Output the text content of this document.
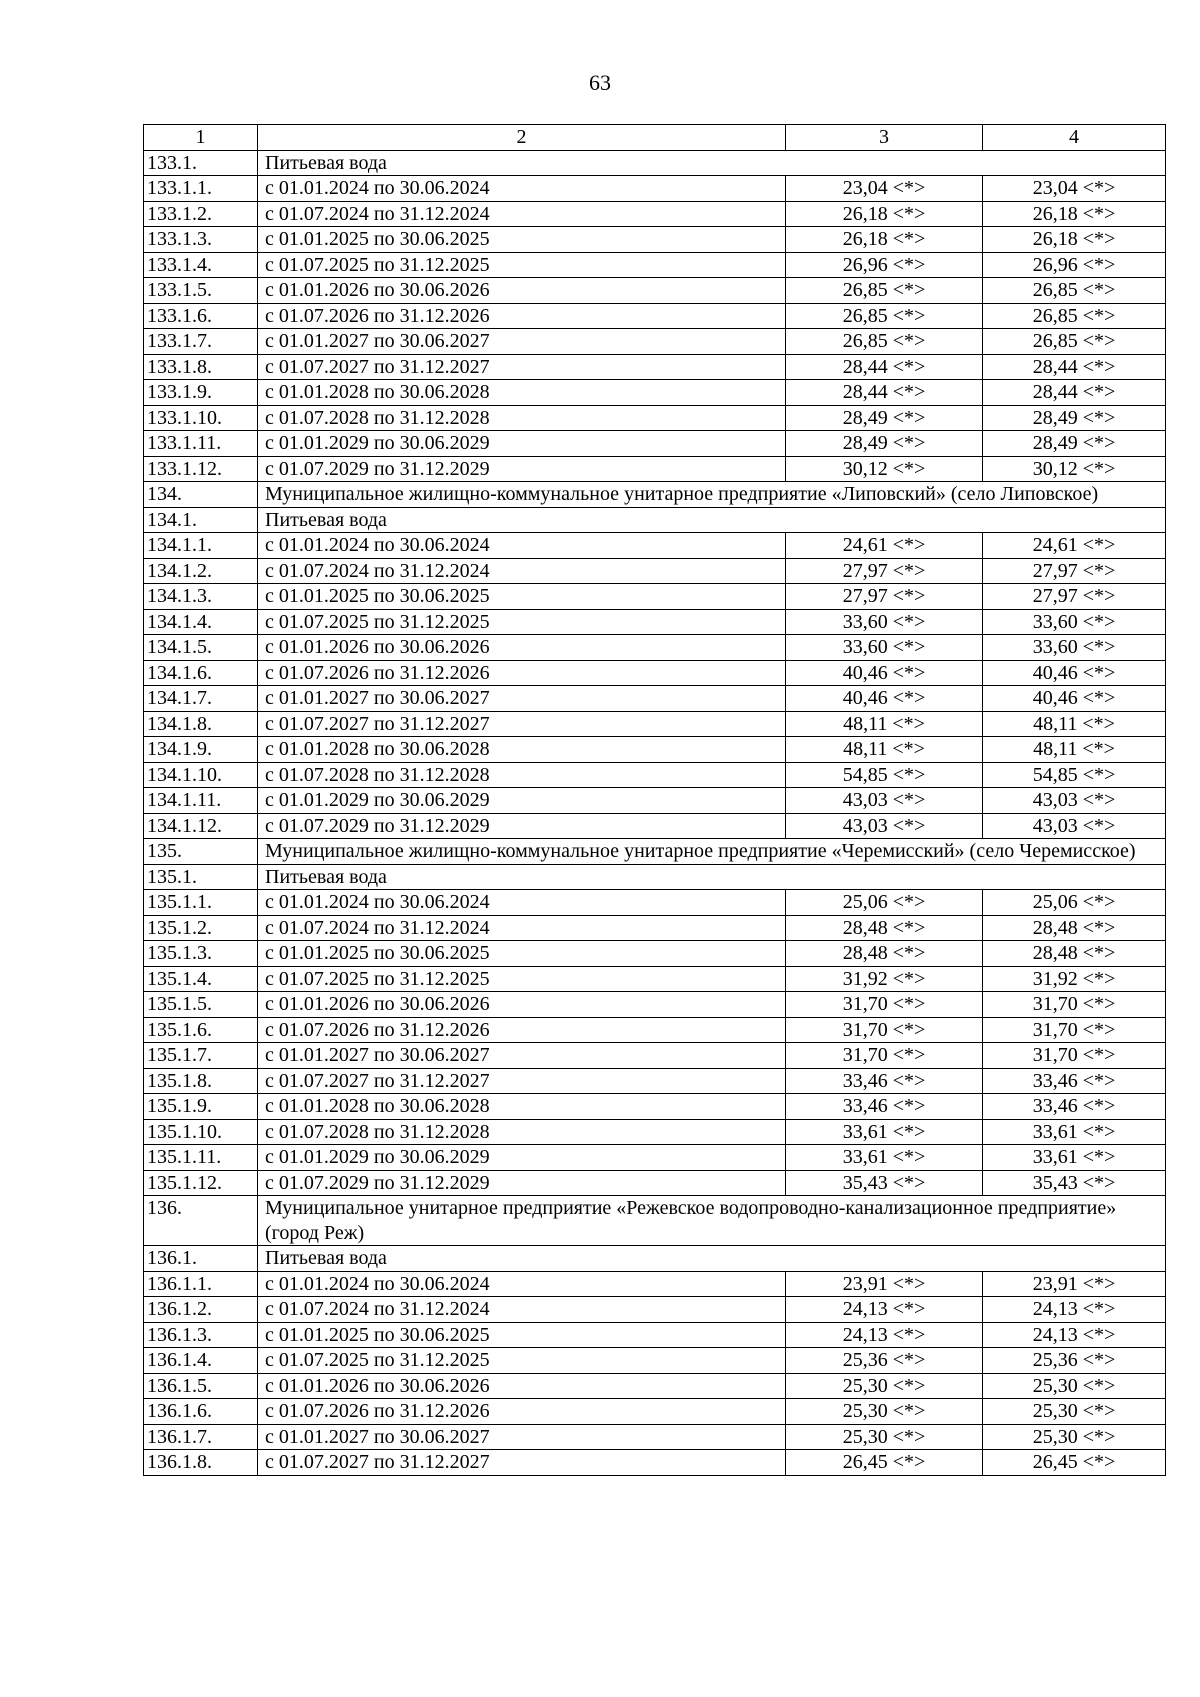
63
1	2	3	4
133.1.	Питьевая вода		
133.1.1.	с 01.01.2024 по 30.06.2024	23,04 <*>	23,04 <*>
133.1.2.	с 01.07.2024 по 31.12.2024	26,18 <*>	26,18 <*>
133.1.3.	с 01.01.2025 по 30.06.2025	26,18 <*>	26,18 <*>
133.1.4.	с 01.07.2025 по 31.12.2025	26,96 <*>	26,96 <*>
133.1.5.	с 01.01.2026 по 30.06.2026	26,85 <*>	26,85 <*>
133.1.6.	с 01.07.2026 по 31.12.2026	26,85 <*>	26,85 <*>
133.1.7.	с 01.01.2027 по 30.06.2027	26,85 <*>	26,85 <*>
133.1.8.	с 01.07.2027 по 31.12.2027	28,44 <*>	28,44 <*>
133.1.9.	с 01.01.2028 по 30.06.2028	28,44 <*>	28,44 <*>
133.1.10.	с 01.07.2028 по 31.12.2028	28,49 <*>	28,49 <*>
133.1.11.	с 01.01.2029 по 30.06.2029	28,49 <*>	28,49 <*>
133.1.12.	с 01.07.2029 по 31.12.2029	30,12 <*>	30,12 <*>
134.	Муниципальное жилищно-коммунальное унитарное предприятие «Липовский» (село Липовское)		
134.1.	Питьевая вода		
134.1.1.	с 01.01.2024 по 30.06.2024	24,61 <*>	24,61 <*>
134.1.2.	с 01.07.2024 по 31.12.2024	27,97 <*>	27,97 <*>
134.1.3.	с 01.01.2025 по 30.06.2025	27,97 <*>	27,97 <*>
134.1.4.	с 01.07.2025 по 31.12.2025	33,60 <*>	33,60 <*>
134.1.5.	с 01.01.2026 по 30.06.2026	33,60 <*>	33,60 <*>
134.1.6.	с 01.07.2026 по 31.12.2026	40,46 <*>	40,46 <*>
134.1.7.	с 01.01.2027 по 30.06.2027	40,46 <*>	40,46 <*>
134.1.8.	с 01.07.2027 по 31.12.2027	48,11 <*>	48,11 <*>
134.1.9.	с 01.01.2028 по 30.06.2028	48,11 <*>	48,11 <*>
134.1.10.	с 01.07.2028 по 31.12.2028	54,85 <*>	54,85 <*>
134.1.11.	с 01.01.2029 по 30.06.2029	43,03 <*>	43,03 <*>
134.1.12.	с 01.07.2029 по 31.12.2029	43,03 <*>	43,03 <*>
135.	Муниципальное жилищно-коммунальное унитарное предприятие «Черемисский» (село Черемисское)		
135.1.	Питьевая вода		
135.1.1.	с 01.01.2024 по 30.06.2024	25,06 <*>	25,06 <*>
135.1.2.	с 01.07.2024 по 31.12.2024	28,48 <*>	28,48 <*>
135.1.3.	с 01.01.2025 по 30.06.2025	28,48 <*>	28,48 <*>
135.1.4.	с 01.07.2025 по 31.12.2025	31,92 <*>	31,92 <*>
135.1.5.	с 01.01.2026 по 30.06.2026	31,70 <*>	31,70 <*>
135.1.6.	с 01.07.2026 по 31.12.2026	31,70 <*>	31,70 <*>
135.1.7.	с 01.01.2027 по 30.06.2027	31,70 <*>	31,70 <*>
135.1.8.	с 01.07.2027 по 31.12.2027	33,46 <*>	33,46 <*>
135.1.9.	с 01.01.2028 по 30.06.2028	33,46 <*>	33,46 <*>
135.1.10.	с 01.07.2028 по 31.12.2028	33,61 <*>	33,61 <*>
135.1.11.	с 01.01.2029 по 30.06.2029	33,61 <*>	33,61 <*>
135.1.12.	с 01.07.2029 по 31.12.2029	35,43 <*>	35,43 <*>
136.	Муниципальное унитарное предприятие «Режевское водопроводно-канализационное предприятие» (город Реж)		
136.1.	Питьевая вода		
136.1.1.	с 01.01.2024 по 30.06.2024	23,91 <*>	23,91 <*>
136.1.2.	с 01.07.2024 по 31.12.2024	24,13 <*>	24,13 <*>
136.1.3.	с 01.01.2025 по 30.06.2025	24,13 <*>	24,13 <*>
136.1.4.	с 01.07.2025 по 31.12.2025	25,36 <*>	25,36 <*>
136.1.5.	с 01.01.2026 по 30.06.2026	25,30 <*>	25,30 <*>
136.1.6.	с 01.07.2026 по 31.12.2026	25,30 <*>	25,30 <*>
136.1.7.	с 01.01.2027 по 30.06.2027	25,30 <*>	25,30 <*>
136.1.8.	с 01.07.2027 по 31.12.2027	26,45 <*>	26,45 <*>
